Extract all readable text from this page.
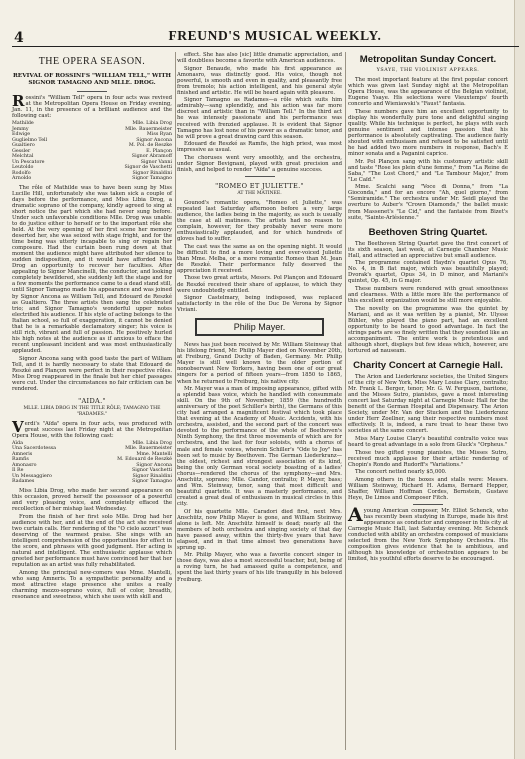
4	FREUND'S MUSICAL WEEKLY.
THE OPERA SEASON.
REVIVAL OF ROSSINI'S "WILLIAM TELL," WITH SIGNOR TAMAGNO AND MLLE. DROG.

Rossini's "William Tell" opera in four acts was revived at the Metropolitan Opera House on Friday evening, Jan. 11, in the presence of a brilliant audience and the following cast:

Mathilde	Mlle. Libia Drog
Jemmy	Mlle. Bauermeister
Edwige	Miss Ryan
Guglielmo Tell	Signor Ancona
Gualtiero	M. Pol. de Reszke
Gessler	E. Plançon
Melchtal	Signor Abramoff
Un Pescatore	Signor Vanni
Leutoldo	Signor de Vaschetti
Rodolfo	Signor Rinaldini
Arnoldo	Signor Tamagno

The rôle of Mathilde was to have been sung by Miss Lucille Hill, unfortunately she was taken sick a couple of days before the performance, and Miss Libia Drog, a dramatic soprano of the company, kindly agreed to sing at short notice the part which she had never sung before. Under such unfavorable conditions Mlle. Drog was unable to do justice either to herself or to the important rôle she held. At the very opening of her first scene her memory deserted her, she was seized with stage fright, and for the time being was utterly incapable to sing or regain her composure. Had the curtain been rung down at that moment the audience might have attributed her silence to sudden indisposition, and it would have afforded Miss Drog an opportunity to recover her faculties. After appealing to Signor Mancinelli, the conductor, and looking completely bewildered, she suddenly left the stage and for a few moments the performance came to a dead stand still, until Signor Tamagno made his appearance and was joined by Signor Ancona as William Tell, and Edouard de Reszké as Gualtiero. The three artists then sang the celebrated trio; and Signor Tamagno's wonderful upper notes electrified his audience. If his style of acting belongs to the Italian school, so full of exaggeration, it cannot be denied that he is a remarkable declamatory singer; his voice is still rich, vibrant and full of passion. He positively hurled his high notes at the audience as if anxious to efface the recent unpleasant incident and was most enthusiastically applauded.

Signor Ancona sang with good taste the part of William Tell, and it is hardly necessary to state that Edouard de Reszké and Plançon were perfect in their respective rôles. Miss Drog reappeared in the finale but her chief passages were cut. Under the circumstances no fair criticism can be rendered.

"AIDA."
MLLE. LIBIA DROG IN THE TITLE RÔLE; TAMAGNO THE "RADAMES."

Verdi's "Aïda" opera in four acts, was produced with great success last Friday night at the Metropolitan Opera House, with the following cast:

Aïda	Mlle. Libia Drog
Una Sacerdotessa	Mlle. Bauermeister
Amneris	Mme. Mantelli
Ramfis	M. Edouard de Reszké
Amonasro	Signor Ancona
Il Re	Signor Vaschetti
Un Messaggiero	Signor Rinaldini
Radames	Signor Tamagno

Miss Libia Drog, who made her second appearance on this occasion, proved herself the possessor of a powerful and very pleasing voice, and completely effaced the recollection of her mishap last Wednesday.

From the finish of her first solo Mlle. Drog had her audience with her, and at the end of the act she received two curtain calls. Her rendering of the "O cielo azzuri" was deserving of the warmest praise. She sings with an intelligent comprehension of the opportunities for effect in the score, and phrases with good judgment. Her acting is natural and intelligent. The enthusiastic applause which greeted her performance must have convinced her that her reputation as an artist was fully rehabilitated.

Among the principal new-comers was Mme. Mantelli, who sang Amneris. To a sympathetic personality and a most attractive stage presence she unites a really charming mezzo-soprano voice, full of color, breadth, resonance and sweetness, which she uses with skill and

effect. She has also [sic] little dramatic appreciation, and will doubtless become a favorite with American audiences.

Signor Benaude, who made his first appearance as Amonasro, was distinctly good. His voice, though not powerful, is smooth and even in quality, and pleasantly free from tremolo; his action intelligent, and his general style finished and artistic. He will be heard again with pleasure.

Signor Tamagno as Radames—a rôle which suits him admirably—sang splendidly, and his action was far more discreet and artistic than in "William Tell." In the third act he was intensely passionate and his performance was received with frenzied applause. It is evident that Signor Tamagno has lost none of his power as a dramatic tenor, and he will prove a great drawing card this season.

Edouard de Reszké as Ramfis, the high priest, was most impressive as usual.

The choruses went very smoothly, and the orchestra, under Signor Bevignani, played with great precision and finish, and helped to render "Aïda" a genuine success.

"ROMEO ET JULIETTE."
AT THE MATINEE.

Gounod's romantic opera, "Romeo et Juliette," was repeated last Saturday afternoon before a very large audience, the ladies being in the majority, as such is usually the case at all matinees. The artists had no reason to complain, however, for they probably never were more enthusiastically applauded, and for which hundreds of gloves had to suffer.

The cast was the same as on the opening night. It would be difficult to find a more loving and ever-voiced Juliette than Mme. Melba, or a more romantic Romeo than M. Jean de Reszké. Their performance fully deserved the appreciation it received.

Those two great artists, Messrs. Pol Plançon and Edouard de Reszké received their share of applause, to which they were undoubtedly entitled.

Signor Castelmary, being indisposed, was replaced satisfactorily in the rôle of the Duc De Verona by Signor Viviani.

Philip Mayer.

News has just been received by Mr. William Steinway that his lifelong friend, Mr. Philip Mayer died on November 20th, at Freiburg, Grand Duchy of Baden, Germany. Mr. Philip Mayer is still well known to the older portion of nonobservant New Yorkers, having been one of our great singers for a period of fifteen years—from 1850 to 1865, when he returned to Freiburg, his native city.

Mr. Mayer was a man of imposing appearance, gifted with a splendid bass voice, which he handled with consummate skill. On the 9th of November, 1859 (the hundredth anniversary of the poet Schiller's birth), the Germans of this city had arranged a magnificent festival which took place that evening at the Academy of Music. Accidents, with his orchestra, assisted, and the second part of the concert was devoted to the performance of the whole of Beethoven's Ninth Symphony, the first three movements of which are for orchestra, and the last for four soloists, with a chorus of male and female voices, wherein Schiller's "Ode to Joy" has been set to music by Beethoven. The German Liederkranz—the oldest, richest and strongest association of its kind, being the only German vocal society boasting of a ladies' chorus—rendered the chorus of the symphony—and Mrs. Anschütz, soprano; Mlle. Candor, contralto; P. Mayer, bass; and Wm. Steinway, tenor, sang that most difficult and beautiful quartette. It was a masterly performance, and created a great deal of enthusiasm in musical circles in this city.

Of his quartette Mlle. Caradori died first, next Mrs. Anschütz, now Philip Mayer is gone, and William Steinway alone is left. Mr. Anschütz himself is dead; nearly all the members of both orchestra and singing society of that day have passed away, within the thirty-five years that have elapsed, and in that time almost two generations have sprung up.

Mr. Philip Mayer, who was a favorite concert singer in those days, was also a most successful teacher, but, being of a roving turn, he had amassed quite a competence, and spent the last thirty years of his life tranquilly in his beloved Freiburg.

Metropolitan Sunday Concert.
YSAYE, THE VIOLINIST APPEARS.

The most important feature at the first popular concert which was given last Sunday night at the Metropolitan Opera House, was the appearance of the Belgian violinist, Eugene Ysaye. His selections were Vieuxtemps' fourth concerto and Wieniawski's "Faust" fantasia.

These numbers gave him an excellent opportunity to display his wonderfully pure tone and delightful singing quality. While his technique is perfect, he plays with such genuine sentiment and intense passion that his performance is absolutely captivating. The audience fairly shouted with enthusiasm and refused to be satisfied until he had added two more numbers in response, Bach's E minor sonata and a Paganini caprice.

Mr. Pol Plançon sang with his customary artistic skill and taste "Rose les plein d'une femme," from "La Reine de Saba," "The Lost Chord," and "Le Tambour Major," from "Le Caïd."

Mme. Scalchi sang "Voce di Donna," from "La Gioconda," and for an encore "Ah, quel giorno," from "Semiramide." The orchestra under Mr. Seidl played the overture to Auber's "Crown Diamonds," the ballet music from Massenet's "Le Cid," and the fantaisie from Bizet's suite, "Sainte-Arlésienne."

Beethoven String Quartet.

The Beethoven String Quartet gave the first concert of its sixth season, last week, at Carnegie Chamber Music Hall, and attracted an appreciative but small audience.

The programme contained Haydn's quartet Opus 76, No. 4, in B flat major, which was beautifully played; Dvorak's quartet, Opus 34, in D minor, and Mariani's quintet, Op. 45, in G major.

These numbers were rendered with great smoothness and clearness. With a little more life the performance of this excellent organization would be still more enjoyable.

The novelty on the programme was the quintet by Mariani, and as it was written by a pianist, Mr. Ulysse Bühler, who played the piano part, had an excellent opportunity to be heard to good advantage. In fact the strings parts are so finely written that they sounded like an accompaniment. The entire work is pretentious and although short, displays but few ideas which, however, are tortured ad nauseam.

Charity Concert at Carnegie Hall.

The Arion and Liederkranz societies, the United Singers of the city of New York, Miss Mary Louise Clary, contralto; Mr. Frank L. Berger, tenor; Mr. G. W. Ferguson, baritone, and the Misses Sutro, pianistes, gave a most interesting concert last Saturday night at Carnegie Music Hall for the benefit of the German Hospital and Dispensary. The Arion Society, under Mr. Van der Stucken and the Liederkranz under Herr Zoellner, sang their respective numbers most effectively. It is, indeed, a rare treat to hear these two societies at the same concert.

Miss Mary Louise Clary's beautiful contralto voice was heard to great advantage in a solo from Gluck's "Orpheus."

Those two gifted young pianistes, the Misses Sutro, received much applause for their artistic rendering of Chopin's Rondo and Rudorff's "Variations."

The concert netted nearly $5,000.

Among others in the boxes and stalls were: Messrs. William Steinway, Richard H. Adams, Bernard Hepper, Shaffer, William Hoffman Cordes, Bernstein, Gustave Heye, De Limos and Composer Fitch.

Ayoung American composer, Mr. Elliot Schenck, who has recently been studying in Europe, made his first appearance as conductor and composer in this city at Carnegie Music Hall, last Saturday evening. Mr. Schenck conducted with ability an orchestra composed of musicians selected from the New York Symphony Orchestra. His composition gives evidence that he is ambitious, and although his knowledge of orchestration appears to be limited, his youthful efforts deserve to be encouraged.
